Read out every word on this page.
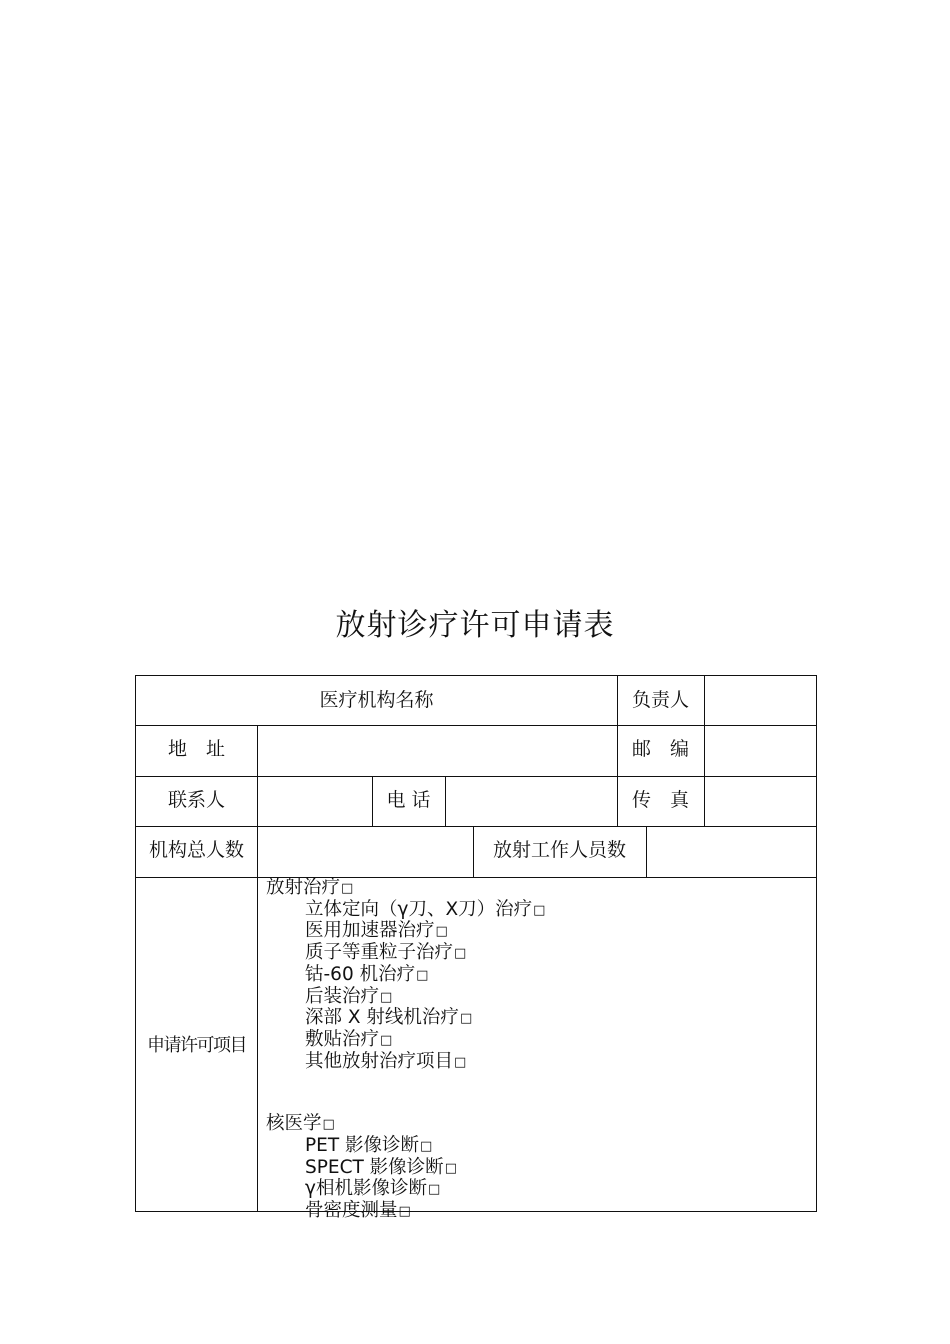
放射诊疗许可申请表
医疗机构名称	负责人
地　址	邮　编
联系人	电 话	传　真
机构总人数	放射工作人员数
申请许可项目
放射治疗□
立体定向（γ刀、X刀）治疗□
医用加速器治疗□
质子等重粒子治疗□
钴-60 机治疗□
后装治疗□
深部 X 射线机治疗□
敷贴治疗□
其他放射治疗项目□
核医学□
PET 影像诊断□
SPECT 影像诊断□
γ相机影像诊断□
骨密度测量□
